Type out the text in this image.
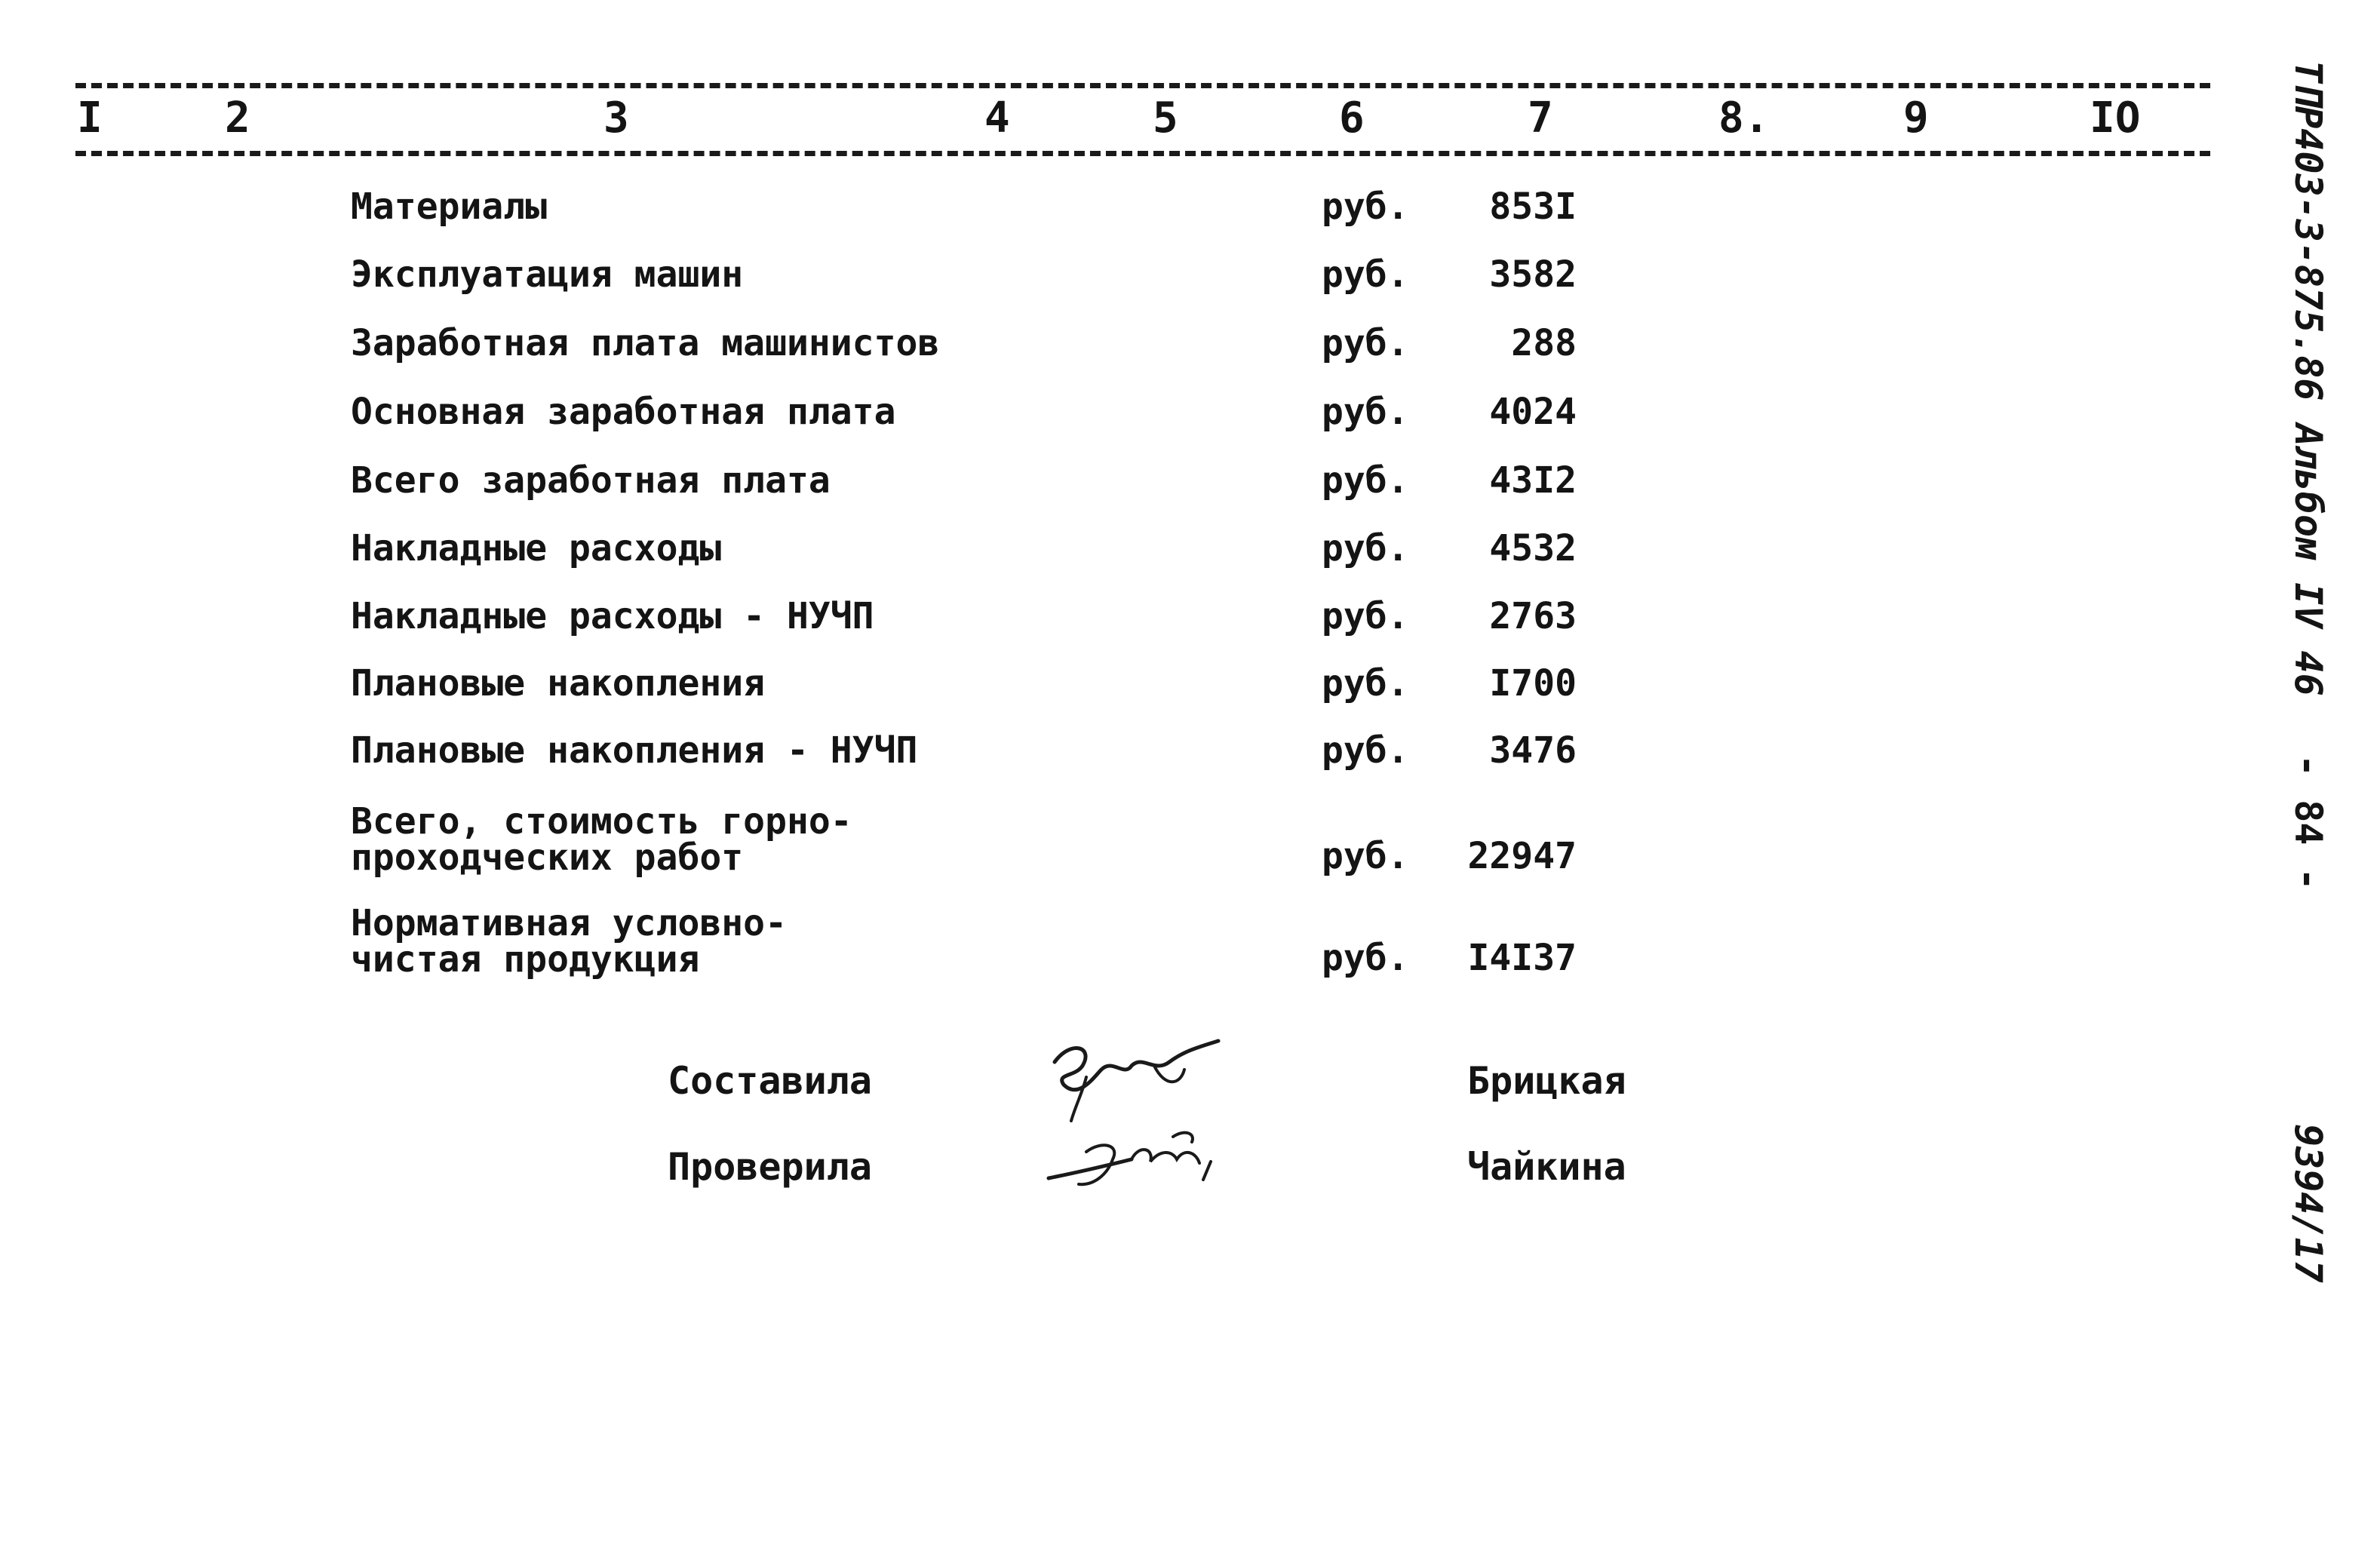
I	2	3	4	5	6	7	8.	9	IO
Материалы	руб.	853I
Эксплуатация машин	руб.	3582
Заработная плата машинистов	руб.	288
Основная заработная плата	руб.	4024
Всего заработная плата	руб.	43I2
Накладные расходы	руб.	4532
Накладные расходы - НУЧП	руб.	2763
Плановые накопления	руб.	I700
Плановые накопления - НУЧП	руб.	3476
Всего, стоимость горно-
проходческих работ	руб.	22947
Нормативная условно-
чистая продукция	руб.	I4I37
Составила	Брицкая
Проверила	Чайкина
ТПР403-3-875.86 Альбом IV 46
- 84 -
9394/17
